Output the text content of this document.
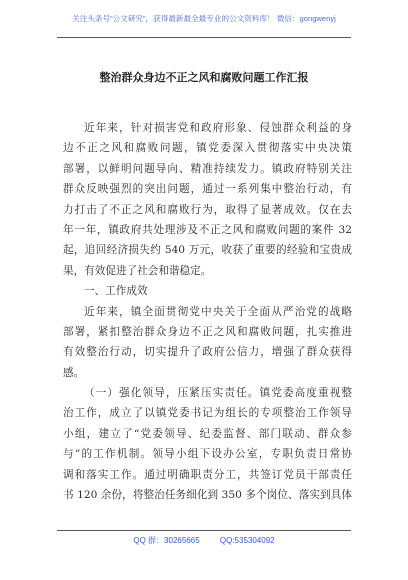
关注头条号“公文研究”，获得最新最全最专业的公文资料库！ 微信：gongwenyj
整治群众身边不正之风和腐败问题工作汇报
近年来，针对损害党和政府形象、侵蚀群众利益的身
边不正之风和腐败问题，镇党委深入贯彻落实中央决策
部署，以鲜明问题导向、精准持续发力。镇政府特别关注
群众反映强烈的突出问题，通过一系列集中整治行动，有
力打击了不正之风和腐败行为，取得了显著成效。仅在去
年一年，镇政府共处理涉及不正之风和腐败问题的案件 32
起，追回经济损失约 540 万元，收获了重要的经验和宝贵成
果，有效促进了社会和谐稳定。
一、工作成效
近年来，镇全面贯彻党中央关于全面从严治党的战略
部署，紧扣整治群众身边不正之风和腐败问题，扎实推进
有效整治行动，切实提升了政府公信力，增强了群众获得
感。
（一）强化领导，压紧压实责任。镇党委高度重视整
治工作，成立了以镇党委书记为组长的专项整治工作领导
小组，建立了“党委领导、纪委监督、部门联动、群众参
与”的工作机制。领导小组下设办公室，专职负责日常协
调和落实工作。通过明确职责分工，共签订党员干部责任
书 120 余份，将整治任务细化到 350 多个岗位、落实到具体
QQ 群：30265665	QQ:535304092
